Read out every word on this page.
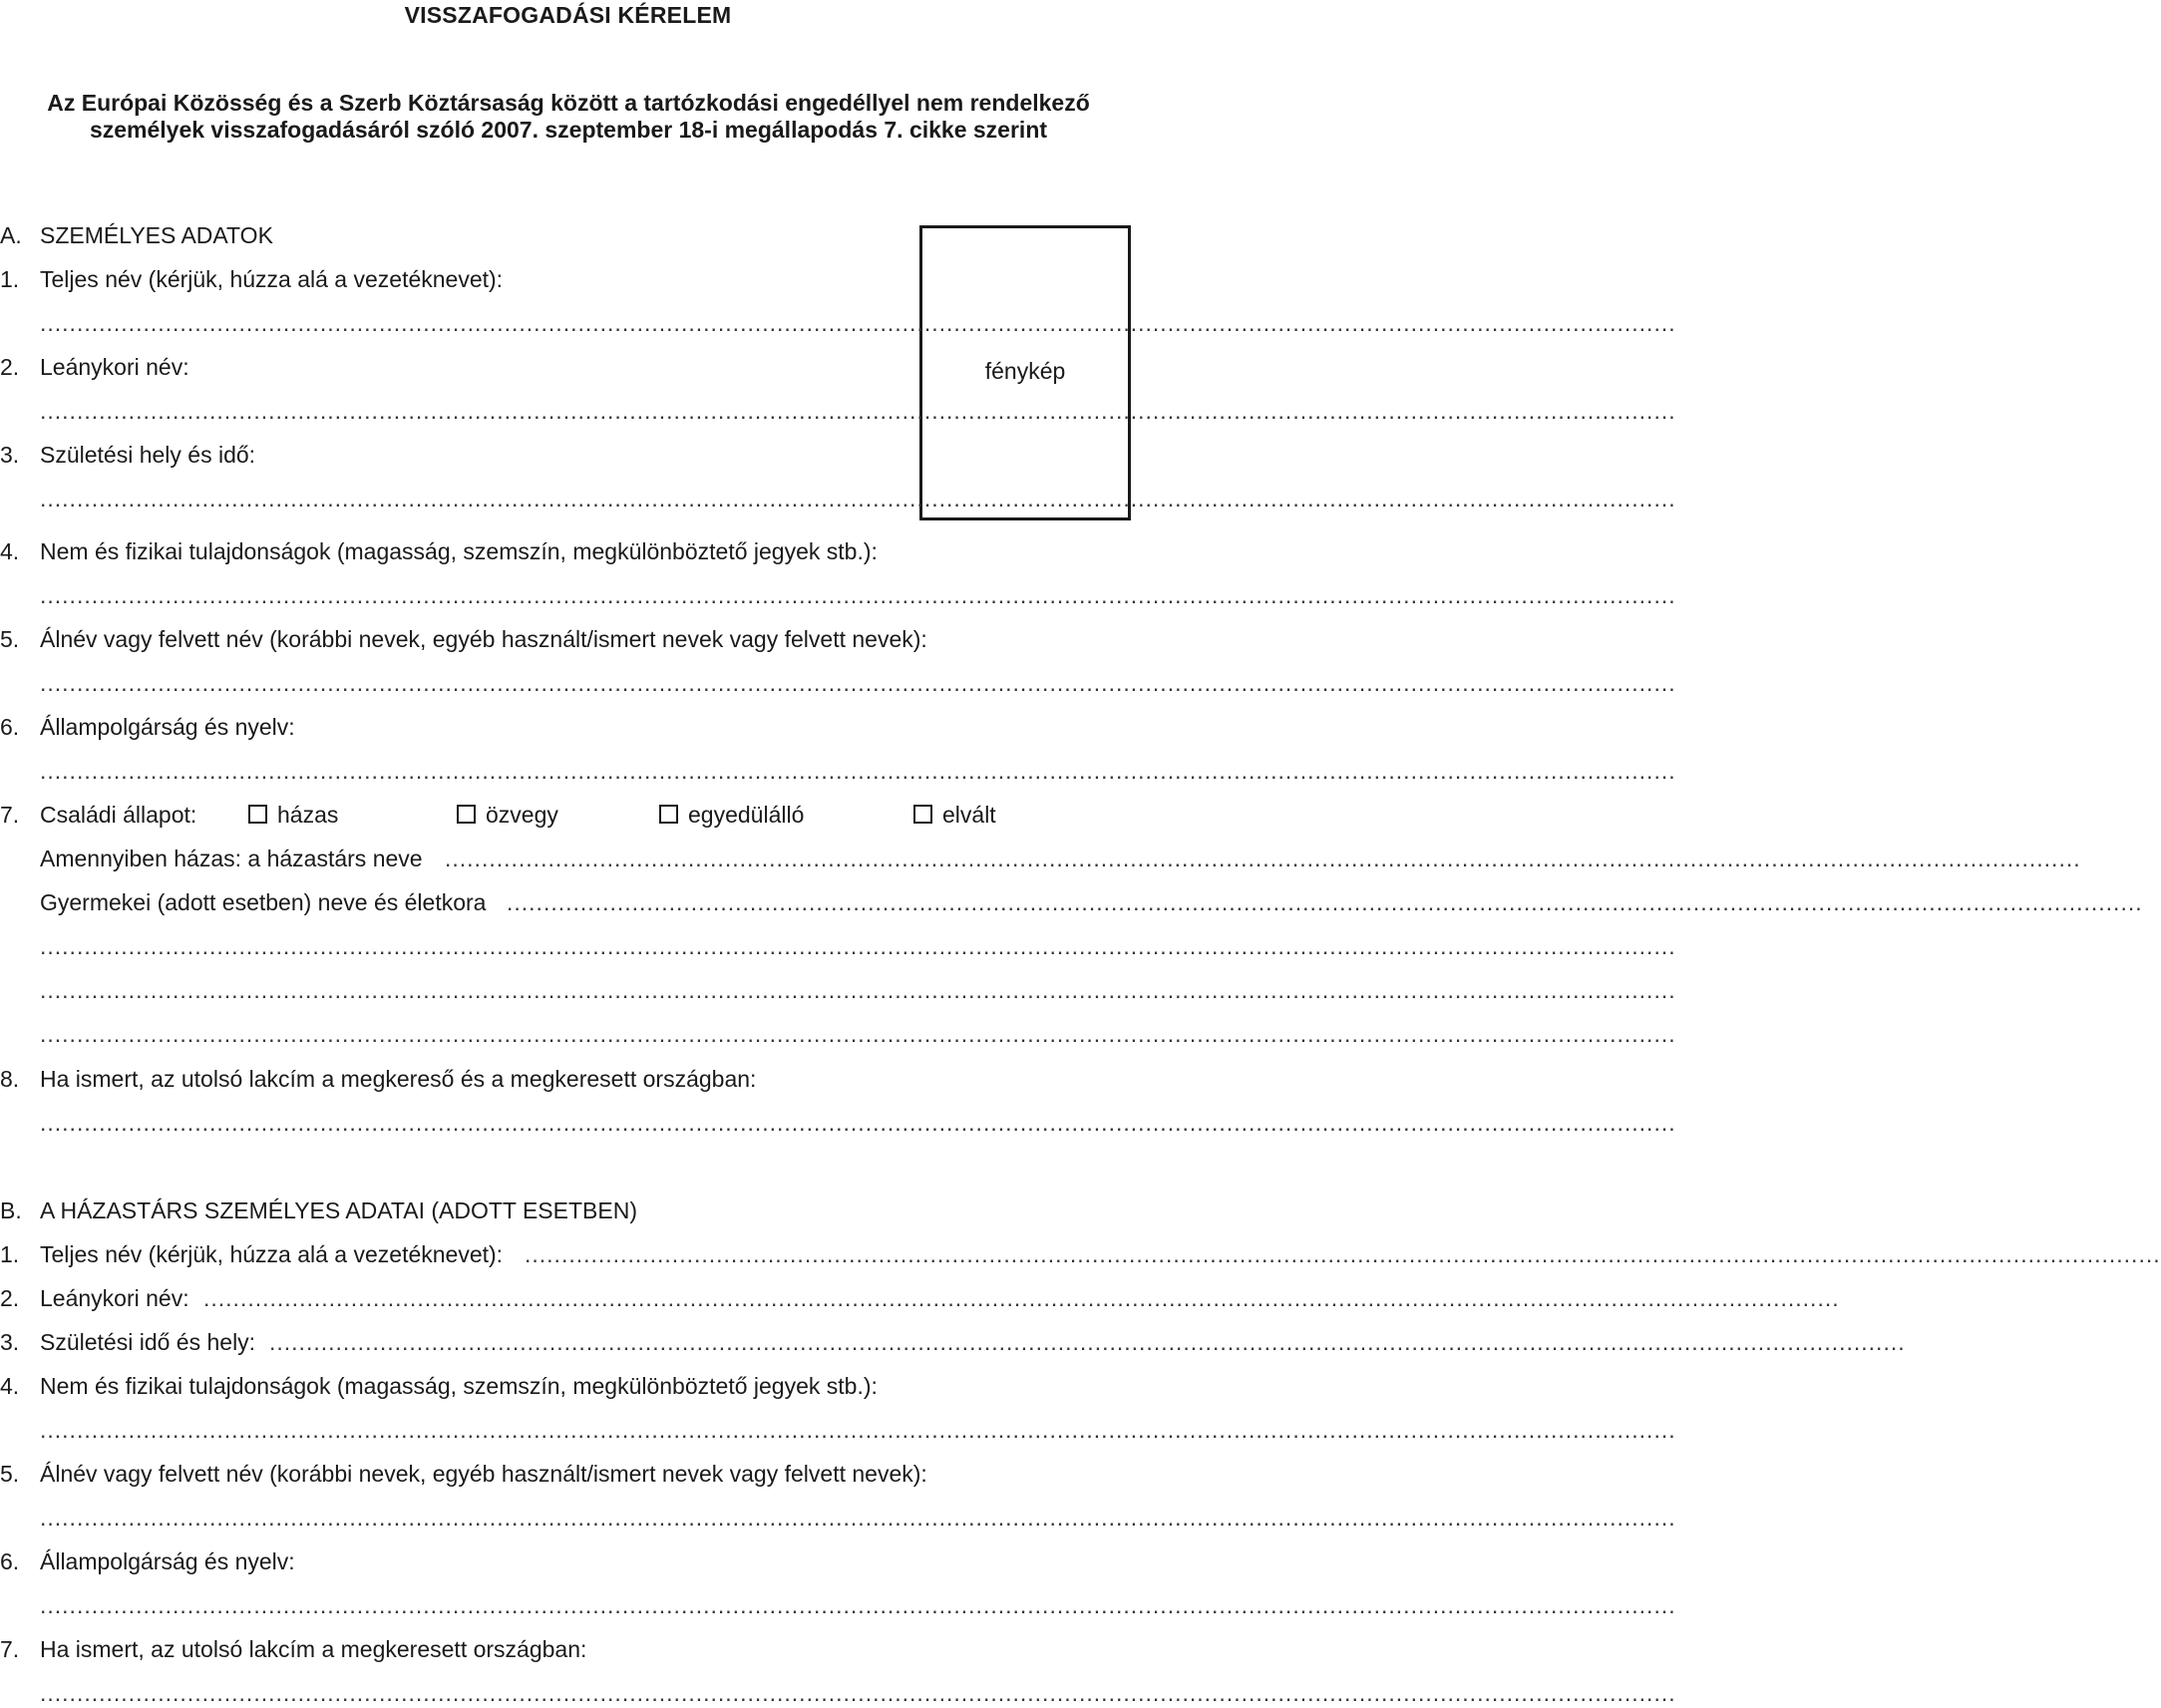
VISSZAFOGADÁSI KÉRELEM
Az Európai Közösség és a Szerb Köztársaság között a tartózkodási engedéllyel nem rendelkező
személyek visszafogadásáról szóló 2007. szeptember 18-i megállapodás 7. cikke szerint
A. SZEMÉLYES ADATOK
fénykép
1. Teljes név (kérjük, húzza alá a vezetéknevet):
..............................................................................................................................................................................................................................
2. Leánykori név:
..............................................................................................................................................................................................................................
3. Születési hely és idő:
..............................................................................................................................................................................................................................
4. Nem és fizikai tulajdonságok (magasság, szemszín, megkülönböztető jegyek stb.):
..............................................................................................................................................................................................................................
5. Álnév vagy felvett név (korábbi nevek, egyéb használt/ismert nevek vagy felvett nevek):
..............................................................................................................................................................................................................................
6. Állampolgárság és nyelv:
..............................................................................................................................................................................................................................
7. Családi állapot:	házas	özvegy	egyedülálló	elvált
Amennyiben házas: a házastárs neve ..............................................................................................................................................................................................................................
Gyermekei (adott esetben) neve és életkora ..............................................................................................................................................................................................................................
..............................................................................................................................................................................................................................
..............................................................................................................................................................................................................................
..............................................................................................................................................................................................................................
8. Ha ismert, az utolsó lakcím a megkereső és a megkeresett országban:
..............................................................................................................................................................................................................................
B. A HÁZASTÁRS SZEMÉLYES ADATAI (ADOTT ESETBEN)
1. Teljes név (kérjük, húzza alá a vezetéknevet): ..............................................................................................................................................................................................................................
2. Leánykori név: ..............................................................................................................................................................................................................................
3. Születési idő és hely: ..............................................................................................................................................................................................................................
4. Nem és fizikai tulajdonságok (magasság, szemszín, megkülönböztető jegyek stb.):
..............................................................................................................................................................................................................................
5. Álnév vagy felvett név (korábbi nevek, egyéb használt/ismert nevek vagy felvett nevek):
..............................................................................................................................................................................................................................
6. Állampolgárság és nyelv:
..............................................................................................................................................................................................................................
7. Ha ismert, az utolsó lakcím a megkeresett országban:
..............................................................................................................................................................................................................................
